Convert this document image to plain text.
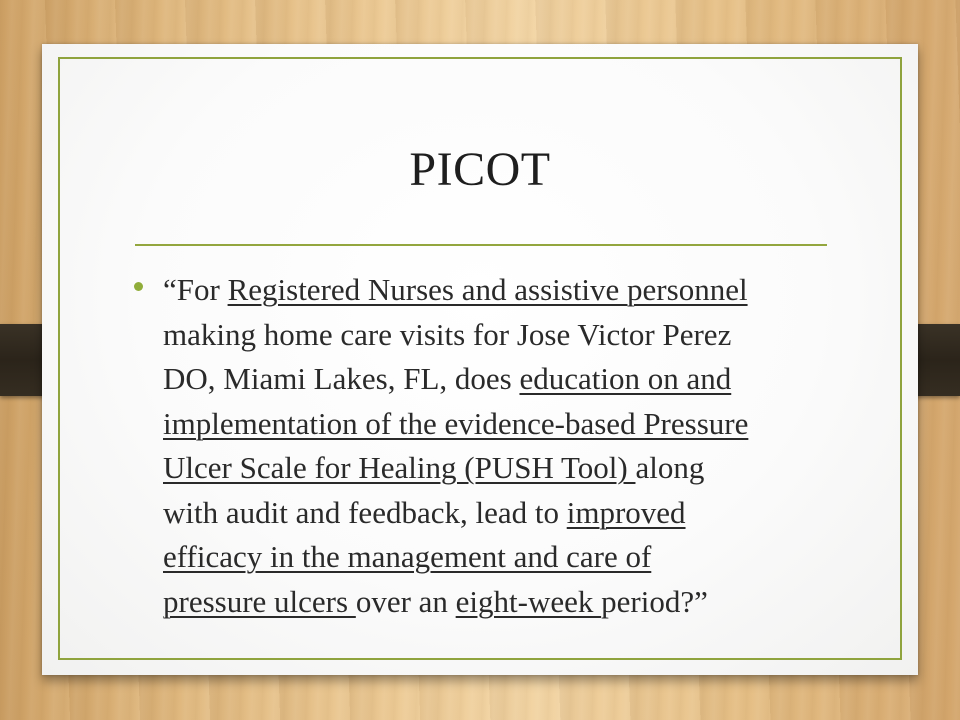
PICOT
“For Registered Nurses and assistive personnel
making home care visits for Jose Victor Perez
DO, Miami Lakes, FL, does education on and
implementation of the evidence-based Pressure
Ulcer Scale for Healing (PUSH Tool) along
with audit and feedback, lead to improved
efficacy in the management and care of
pressure ulcers over an eight-week period?”
